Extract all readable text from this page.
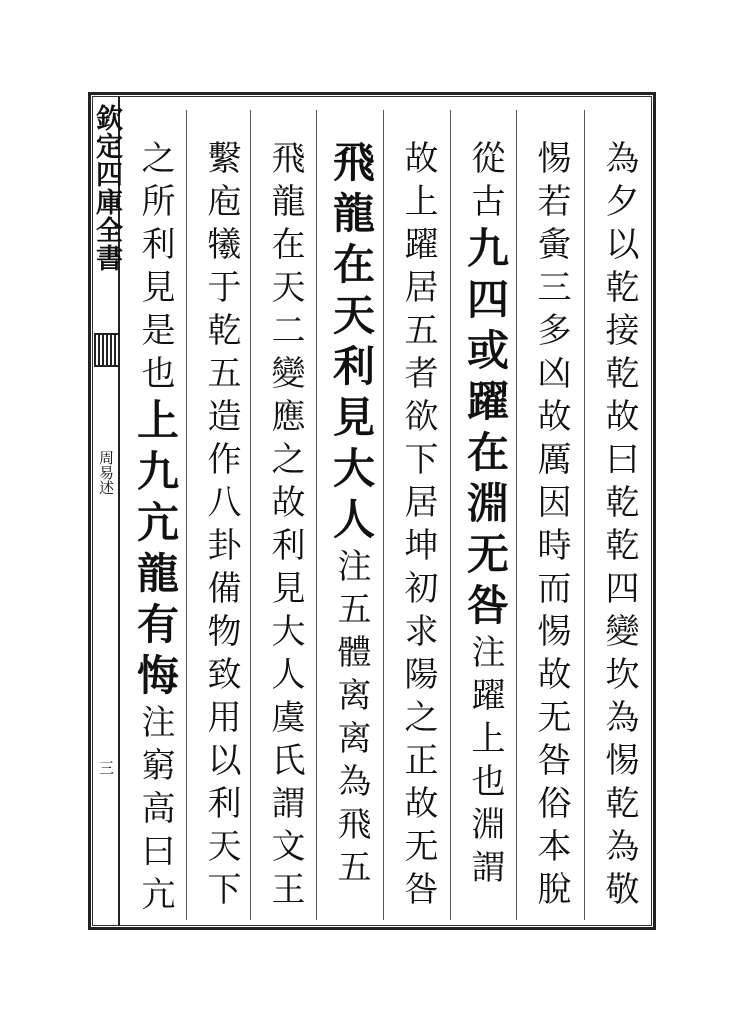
欽定四庫全書
周易述
三
為夕以乾接乾故曰乾乾四變坎為惕乾為敬
惕若夤三多凶故厲因時而惕故无咎俗本脫
從古九四或躍在淵无咎注躍上也淵謂
故上躍居五者欲下居坤初求陽之正故无咎
飛龍在天利見大人注五體离离為飛五
飛龍在天二變應之故利見大人虞氏謂文王
繫庖犧于乾五造作八卦備物致用以利天下
之所利見是也上九亢龍有悔注窮高曰亢
